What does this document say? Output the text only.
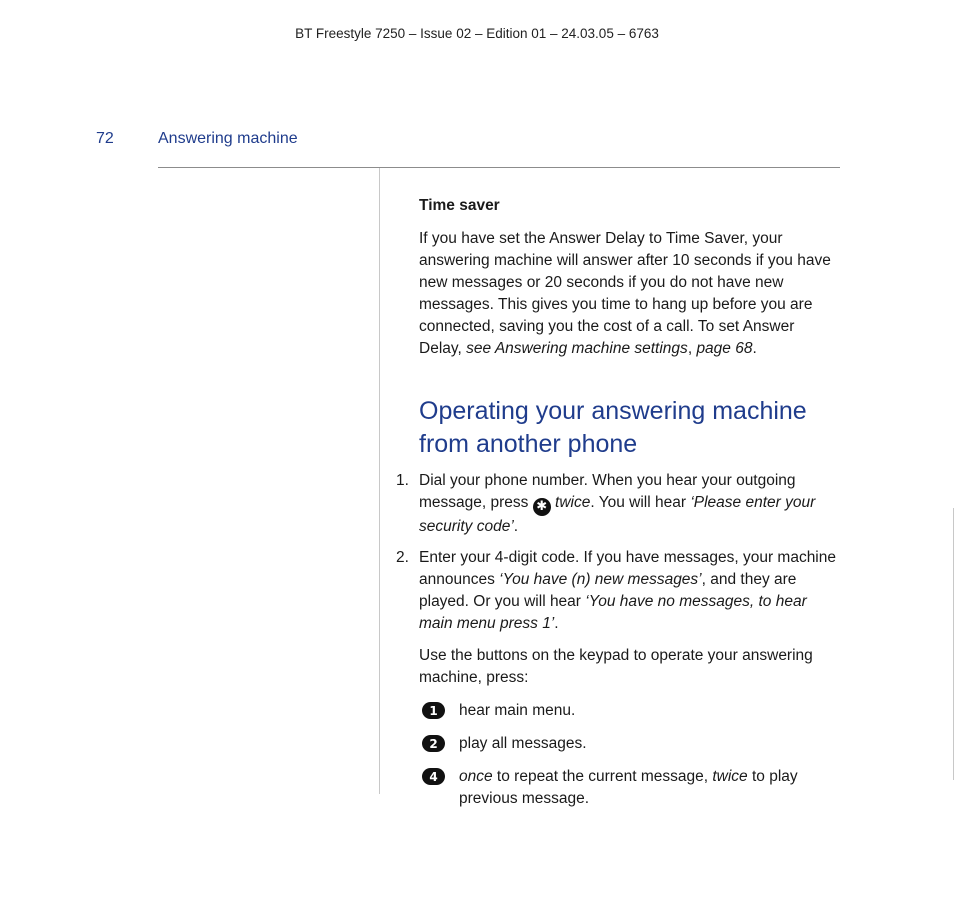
BT Freestyle 7250 – Issue 02 – Edition 01 – 24.03.05 – 6763
72	Answering machine
Time saver
If you have set the Answer Delay to Time Saver, your answering machine will answer after 10 seconds if you have new messages or 20 seconds if you do not have new messages. This gives you time to hang up before you are connected, saving you the cost of a call. To set Answer Delay, see Answering machine settings, page 68.
Operating your answering machine from another phone
1. Dial your phone number. When you hear your outgoing message, press ✱ twice. You will hear ‘Please enter your security code’.
2. Enter your 4-digit code. If you have messages, your machine announces ‘You have (n) new messages’, and they are played. Or you will hear ‘You have no messages, to hear main menu press 1’.
Use the buttons on the keypad to operate your answering machine, press:
1	hear main menu.
2	play all messages.
4	once to repeat the current message, twice to play previous message.
